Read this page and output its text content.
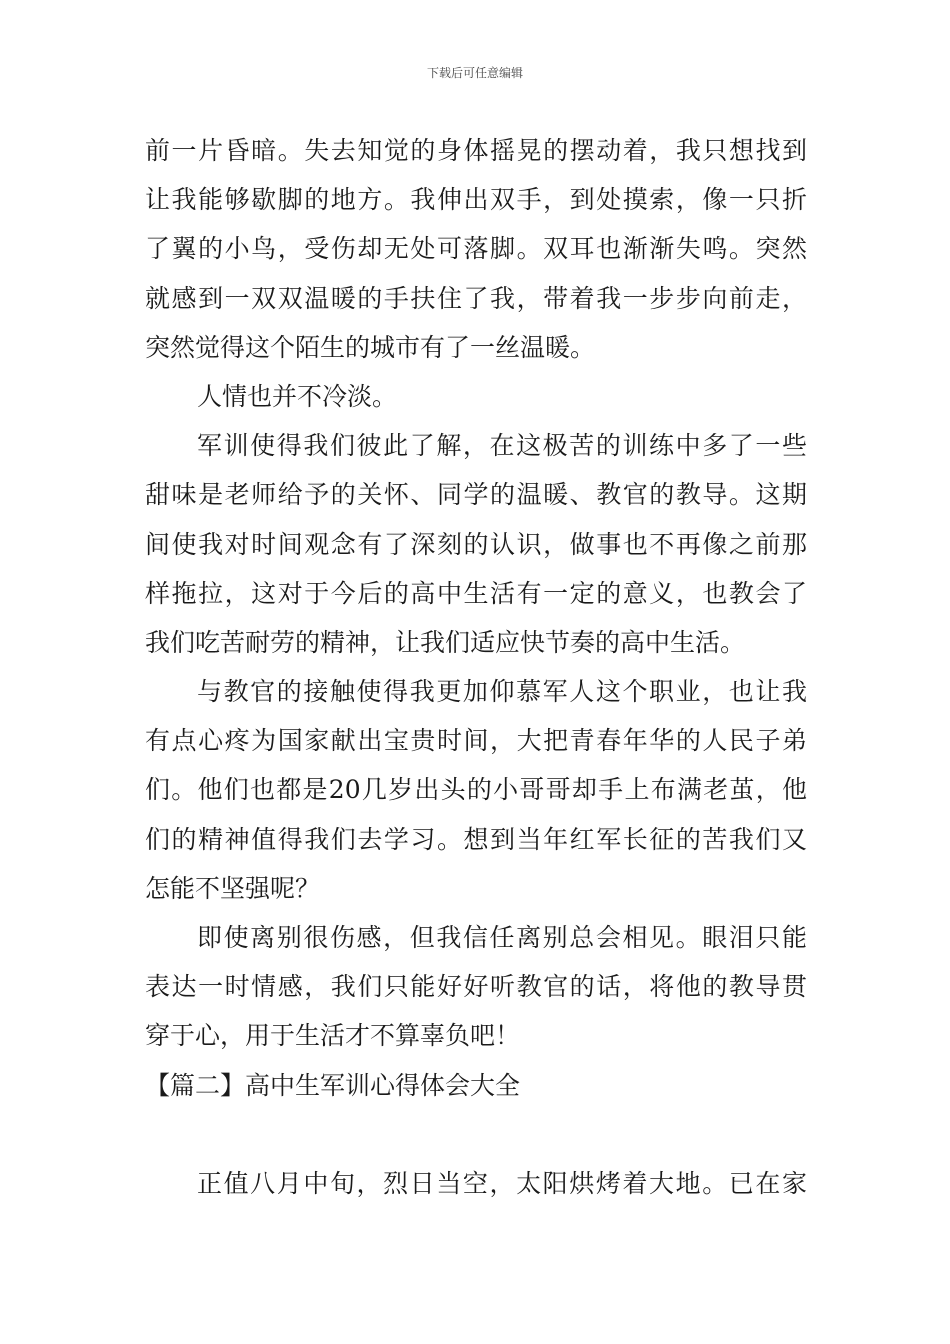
下载后可任意编辑
前一片昏暗。失去知觉的身体摇晃的摆动着，我只想找到
让我能够歇脚的地方。我伸出双手，到处摸索，像一只折
了翼的小鸟，受伤却无处可落脚。双耳也渐渐失鸣。突然
就感到一双双温暖的手扶住了我，带着我一步步向前走，
突然觉得这个陌生的城市有了一丝温暖。
人情也并不冷淡。
军训使得我们彼此了解，在这极苦的训练中多了一些
甜味是老师给予的关怀、同学的温暖、教官的教导。这期
间使我对时间观念有了深刻的认识，做事也不再像之前那
样拖拉，这对于今后的高中生活有一定的意义，也教会了
我们吃苦耐劳的精神，让我们适应快节奏的高中生活。
与教官的接触使得我更加仰慕军人这个职业，也让我
有点心疼为国家献出宝贵时间，大把青春年华的人民子弟
们。他们也都是20几岁出头的小哥哥却手上布满老茧，他
们的精神值得我们去学习。想到当年红军长征的苦我们又
怎能不坚强呢？
即使离别很伤感，但我信任离别总会相见。眼泪只能
表达一时情感，我们只能好好听教官的话，将他的教导贯
穿于心，用于生活才不算辜负吧！
【篇二】高中生军训心得体会大全
正值八月中旬，烈日当空，太阳烘烤着大地。已在家
